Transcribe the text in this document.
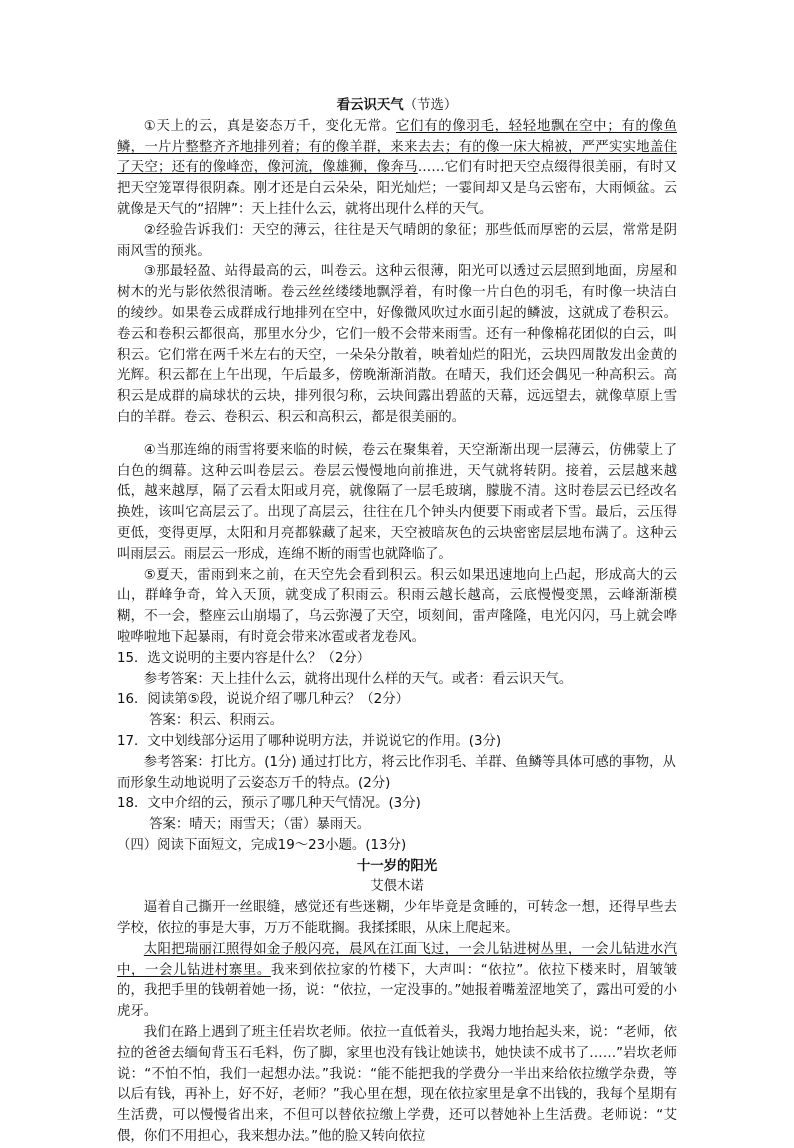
看云识天气（节选）

①天上的云，真是姿态万千，变化无常。它们有的像羽毛，轻轻地飘在空中；有的像鱼鳞，一片片整整齐齐地排列着；有的像羊群，来来去去；有的像一床大棉被，严严实实地盖住了天空；还有的像峰峦，像河流，像雄狮，像奔马……它们有时把天空点缀得很美丽，有时又把天空笼罩得很阴森。刚才还是白云朵朵，阳光灿烂；一霎间却又是乌云密布，大雨倾盆。云就像是天气的“招牌”：天上挂什么云，就将出现什么样的天气。

②经验告诉我们：天空的薄云，往往是天气晴朗的象征；那些低而厚密的云层，常常是阴雨风雪的预兆。

③那最轻盈、站得最高的云，叫卷云。这种云很薄，阳光可以透过云层照到地面，房屋和树木的光与影依然很清晰。卷云丝丝缕缕地飘浮着，有时像一片白色的羽毛，有时像一块洁白的绫纱。如果卷云成群成行地排列在空中，好像微风吹过水面引起的鳞波，这就成了卷积云。卷云和卷积云都很高，那里水分少，它们一般不会带来雨雪。还有一种像棉花团似的白云，叫积云。它们常在两千米左右的天空，一朵朵分散着，映着灿烂的阳光，云块四周散发出金黄的光辉。积云都在上午出现，午后最多，傍晚渐渐消散。在晴天，我们还会偶见一种高积云。高积云是成群的扁球状的云块，排列很匀称，云块间露出碧蓝的天幕，远远望去，就像草原上雪白的羊群。卷云、卷积云、积云和高积云，都是很美丽的。

④当那连绵的雨雪将要来临的时候，卷云在聚集着，天空渐渐出现一层薄云，仿佛蒙上了白色的绸幕。这种云叫卷层云。卷层云慢慢地向前推进，天气就将转阴。接着，云层越来越低，越来越厚，隔了云看太阳或月亮，就像隔了一层毛玻璃，朦胧不清。这时卷层云已经改名换姓，该叫它高层云了。出现了高层云，往往在几个钟头内便要下雨或者下雪。最后，云压得更低，变得更厚，太阳和月亮都躲藏了起来，天空被暗灰色的云块密密层层地布满了。这种云叫雨层云。雨层云一形成，连绵不断的雨雪也就降临了。

⑤夏天，雷雨到来之前，在天空先会看到积云。积云如果迅速地向上凸起，形成高大的云山，群峰争奇，耸入天顶，就变成了积雨云。积雨云越长越高，云底慢慢变黑，云峰渐渐模糊，不一会，整座云山崩塌了，乌云弥漫了天空，顷刻间，雷声隆隆，电光闪闪，马上就会哗啦哗啦地下起暴雨，有时竟会带来冰雹或者龙卷风。

15．选文说明的主要内容是什么？（2分）

参考答案：天上挂什么云，就将出现什么样的天气。或者：看云识天气。

16．阅读第⑤段，说说介绍了哪几种云？（2分）

答案：积云、积雨云。

17．文中划线部分运用了哪种说明方法，并说说它的作用。(3分)

参考答案：打比方。(1分) 通过打比方，将云比作羽毛、羊群、鱼鳞等具体可感的事物，从而形象生动地说明了云姿态万千的特点。(2分)

18．文中介绍的云，预示了哪几种天气情况。(3分)

答案：晴天；雨雪天；（雷）暴雨天。

（四）阅读下面短文，完成19～23小题。(13分)

十一岁的阳光

艾偎木诺

逼着自己撕开一丝眼缝，感觉还有些迷糊，少年毕竟是贪睡的，可转念一想，还得早些去学校，依拉的事是大事，万万不能耽搁。我揉揉眼，从床上爬起来。

太阳把瑞丽江照得如金子般闪亮，晨风在江面飞过，一会儿钻进树丛里，一会儿钻进水汽中，一会儿钻进村寨里。我来到依拉家的竹楼下，大声叫：“依拉”。依拉下楼来时，眉皱皱的，我把手里的钱朝着她一扬，说：“依拉，一定没事的。”她报着嘴羞涩地笑了，露出可爱的小虎牙。

我们在路上遇到了班主任岩坎老师。依拉一直低着头，我竭力地抬起头来，说：“老师，依拉的爸爸去缅甸背玉石毛料，伤了脚，家里也没有钱让她读书，她快读不成书了……”岩坎老师说：“不怕不怕，我们一起想办法。”我说：“能不能把我的学费分一半出来给依拉缴学杂费，等以后有钱，再补上，好不好，老师？”我心里在想，现在依拉家里是拿不出钱的，我每个星期有生活费，可以慢慢省出来，不但可以替依拉缴上学费，还可以替她补上生活费。老师说：“艾偎，你们不用担心，我来想办法。”他的脸又转向依拉
